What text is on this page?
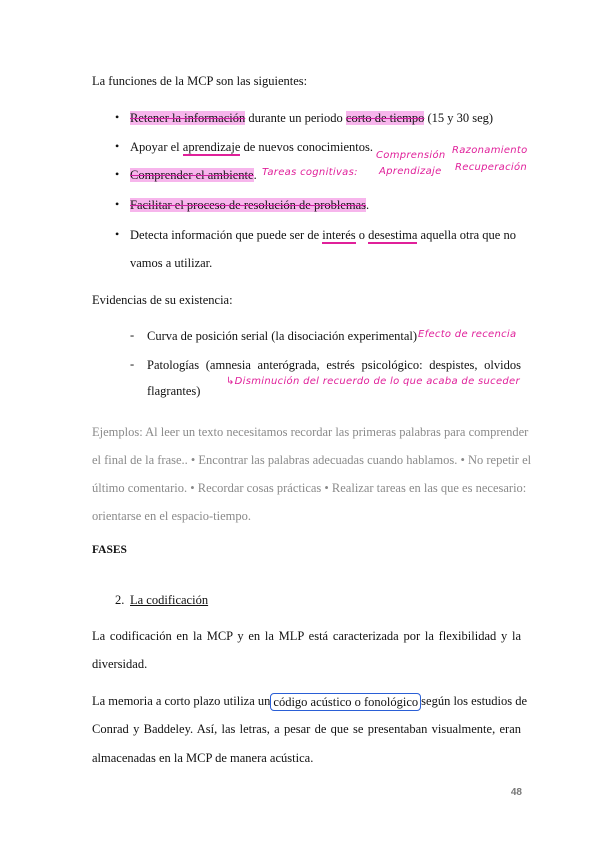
La funciones de la MCP son las siguientes:
• Retener la información durante un periodo corto de tiempo (15 y 30 seg)
• Apoyar el aprendizaje de nuevos conocimientos.
• Comprender el ambiente.
• Facilitar el proceso de resolución de problemas.
• Detecta información que puede ser de interés o desestima aquella otra que no
vamos a utilizar.
Tareas cognitivas:
Comprensión Razonamiento
Aprendizaje Recuperación
Evidencias de su existencia:
- Curva de posición serial (la disociación experimental) Efecto de recencia
- Patologías (amnesia anterógrada, estrés psicológico: despistes, olvidos
flagrantes)
↳Disminución del recuerdo de lo que acaba de suceder
Ejemplos: Al leer un texto necesitamos recordar las primeras palabras para comprender
el final de la frase.. • Encontrar las palabras adecuadas cuando hablamos. • No repetir el
último comentario. • Recordar cosas prácticas • Realizar tareas en las que es necesario:
orientarse en el espacio-tiempo.
FASES
2. La codificación
La codificación en la MCP y en la MLP está caracterizada por la flexibilidad y la
diversidad.
La memoria a corto plazo utiliza un código acústico o fonológico según los estudios de
Conrad y Baddeley. Así, las letras, a pesar de que se presentaban visualmente, eran
almacenadas en la MCP de manera acústica.
48
